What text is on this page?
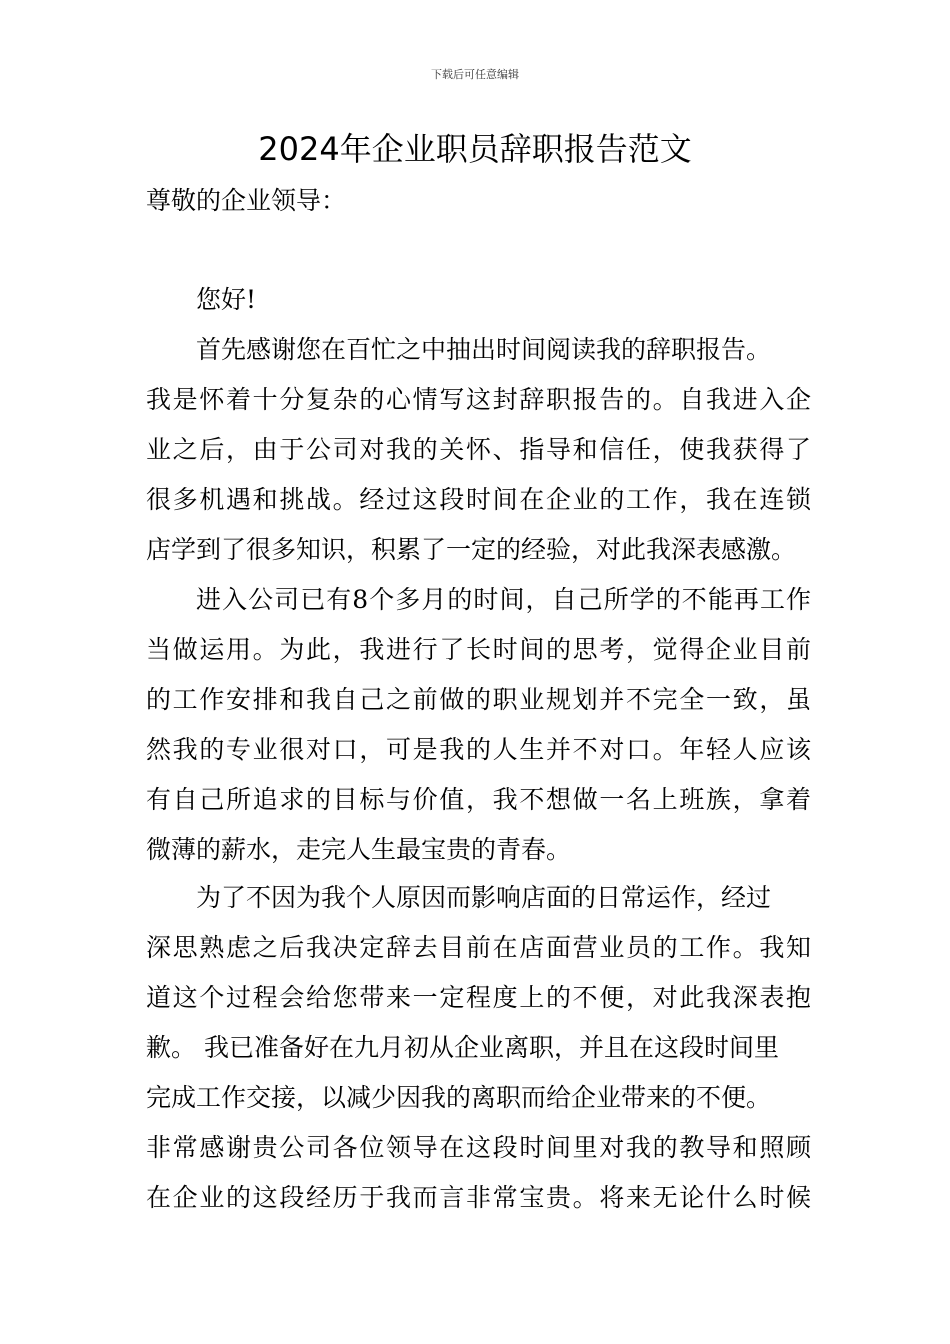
下载后可任意编辑
2024年企业职员辞职报告范文
尊敬的企业领导：
您好!
首先感谢您在百忙之中抽出时间阅读我的辞职报告。
我是怀着十分复杂的心情写这封辞职报告的。自我进入企
业之后，由于公司对我的关怀、指导和信任，使我获得了
很多机遇和挑战。经过这段时间在企业的工作，我在连锁
店学到了很多知识，积累了一定的经验，对此我深表感激。
进入公司已有8个多月的时间，自己所学的不能再工作
当做运用。为此，我进行了长时间的思考，觉得企业目前
的工作安排和我自己之前做的职业规划并不完全一致，虽
然我的专业很对口，可是我的人生并不对口。年轻人应该
有自己所追求的目标与价值，我不想做一名上班族，拿着
微薄的薪水，走完人生最宝贵的青春。
为了不因为我个人原因而影响店面的日常运作，经过
深思熟虑之后我决定辞去目前在店面营业员的工作。我知
道这个过程会给您带来一定程度上的不便，对此我深表抱
歉。 我已准备好在九月初从企业离职，并且在这段时间里
完成工作交接，以减少因我的离职而给企业带来的不便。
非常感谢贵公司各位领导在这段时间里对我的教导和照顾
在企业的这段经历于我而言非常宝贵。将来无论什么时候
